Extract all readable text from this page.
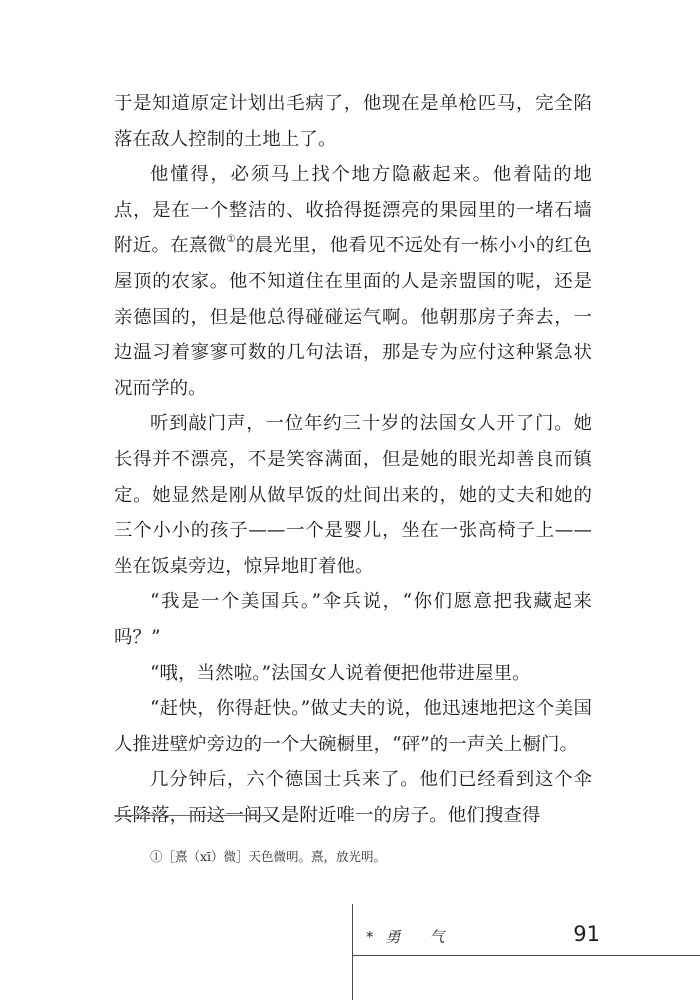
于是知道原定计划出毛病了，他现在是单枪匹马，完全陷落在敌人控制的土地上了。

他懂得，必须马上找个地方隐蔽起来。他着陆的地点，是在一个整洁的、收拾得挺漂亮的果园里的一堵石墙附近。在熹微①的晨光里，他看见不远处有一栋小小的红色屋顶的农家。他不知道住在里面的人是亲盟国的呢，还是亲德国的，但是他总得碰碰运气啊。他朝那房子奔去，一边温习着寥寥可数的几句法语，那是专为应付这种紧急状况而学的。

听到敲门声，一位年约三十岁的法国女人开了门。她长得并不漂亮，不是笑容满面，但是她的眼光却善良而镇定。她显然是刚从做早饭的灶间出来的，她的丈夫和她的三个小小的孩子——一个是婴儿，坐在一张高椅子上——坐在饭桌旁边，惊异地盯着他。

“我是一个美国兵。”伞兵说，“你们愿意把我藏起来吗？”

“哦，当然啦。”法国女人说着便把他带进屋里。

“赶快，你得赶快。”做丈夫的说，他迅速地把这个美国人推进壁炉旁边的一个大碗橱里，“砰”的一声关上橱门。

几分钟后，六个德国士兵来了。他们已经看到这个伞兵降落，而这一间又是附近唯一的房子。他们搜查得

①［熹（xī）微］天色微明。熹，放光明。
*勇 气	91
